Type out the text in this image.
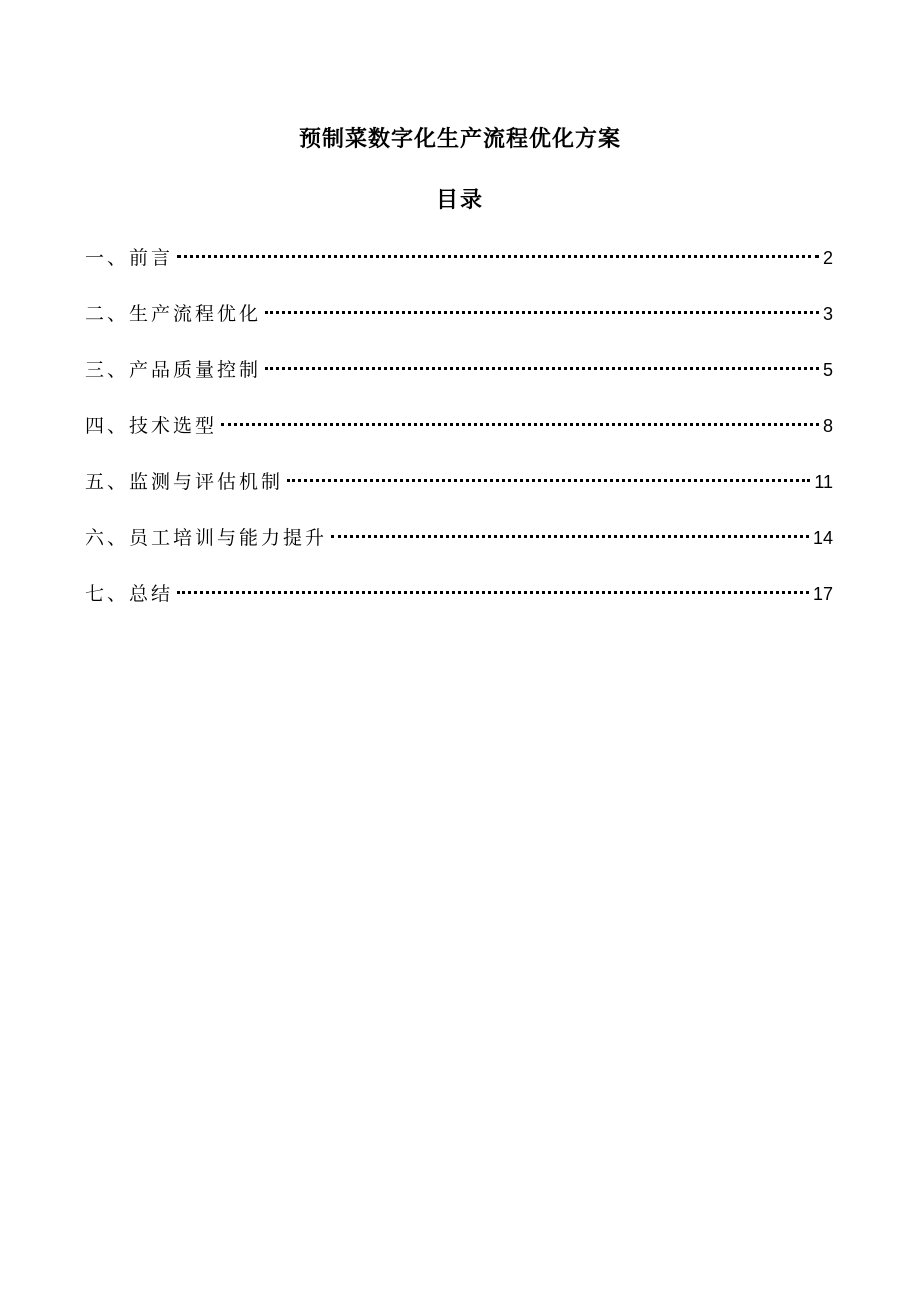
预制菜数字化生产流程优化方案
目录
一、前言	2
二、生产流程优化	3
三、产品质量控制	5
四、技术选型	8
五、监测与评估机制	11
六、员工培训与能力提升	14
七、总结	17
